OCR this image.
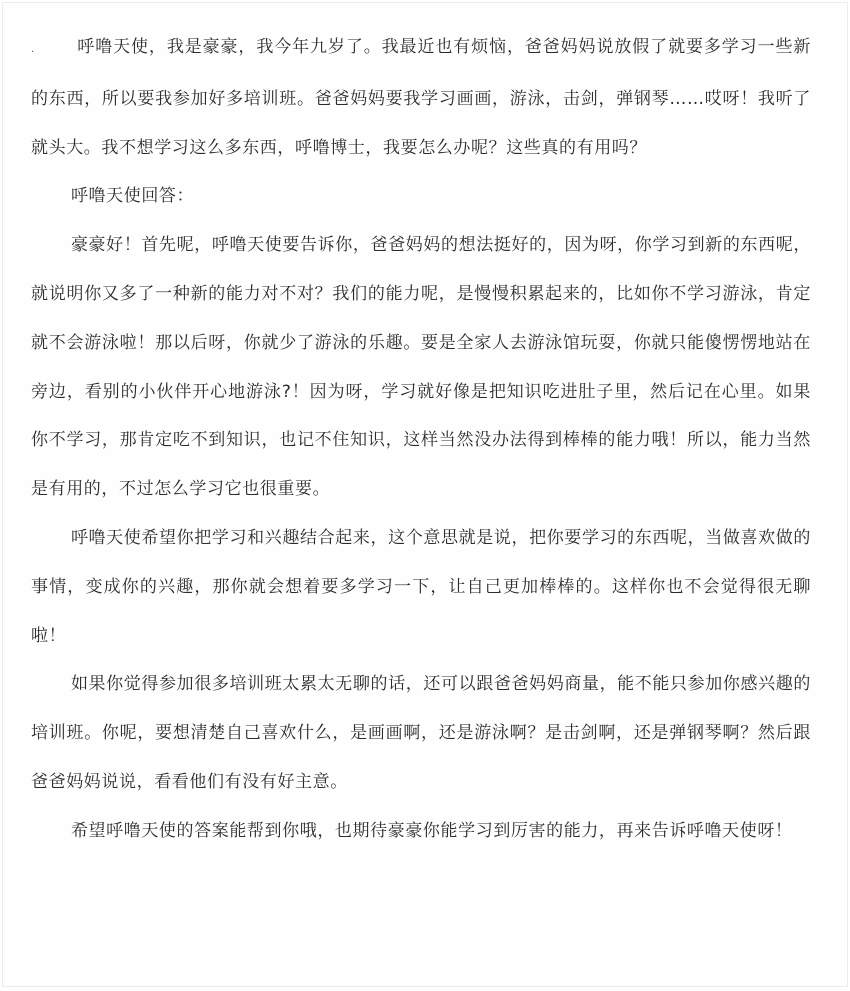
. 呼噜天使，我是豪豪，我今年九岁了。我最近也有烦恼，爸爸妈妈说放假了就要多学习一些新的东西，所以要我参加好多培训班。爸爸妈妈要我学习画画，游泳，击剑，弹钢琴……哎呀！我听了就头大。我不想学习这么多东西，呼噜博士，我要怎么办呢？这些真的有用吗？

呼噜天使回答：

豪豪好！首先呢，呼噜天使要告诉你，爸爸妈妈的想法挺好的，因为呀，你学习到新的东西呢，就说明你又多了一种新的能力对不对？我们的能力呢，是慢慢积累起来的，比如你不学习游泳，肯定就不会游泳啦！那以后呀，你就少了游泳的乐趣。要是全家人去游泳馆玩耍，你就只能傻愣愣地站在旁边，看别的小伙伴开心地游泳?！因为呀，学习就好像是把知识吃进肚子里，然后记在心里。如果你不学习，那肯定吃不到知识，也记不住知识，这样当然没办法得到棒棒的能力哦！所以，能力当然是有用的，不过怎么学习它也很重要。

呼噜天使希望你把学习和兴趣结合起来，这个意思就是说，把你要学习的东西呢，当做喜欢做的事情，变成你的兴趣，那你就会想着要多学习一下，让自己更加棒棒的。这样你也不会觉得很无聊啦！

如果你觉得参加很多培训班太累太无聊的话，还可以跟爸爸妈妈商量，能不能只参加你感兴趣的培训班。你呢，要想清楚自己喜欢什么，是画画啊，还是游泳啊？是击剑啊，还是弹钢琴啊？然后跟爸爸妈妈说说，看看他们有没有好主意。

希望呼噜天使的答案能帮到你哦，也期待豪豪你能学习到厉害的能力，再来告诉呼噜天使呀！
